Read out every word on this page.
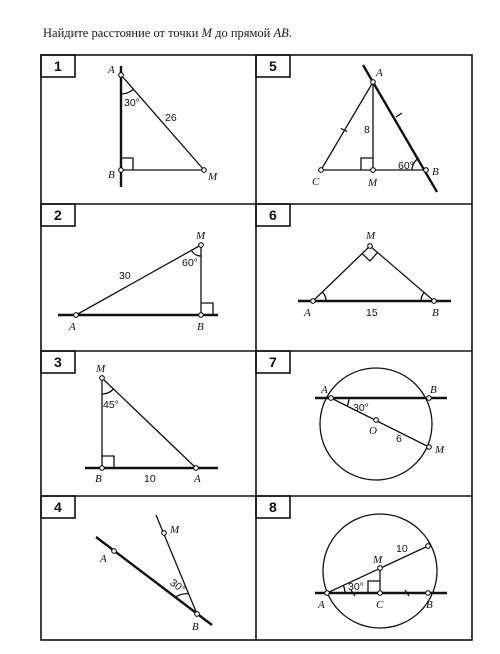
Найдите расстояние от точки M до прямой AB.
1	5
2	6
3	7
4	8
A
B	M
30°
26
A	B
M
60°
30
M
B	A
45°
10
A
M
B
30°
A
C	M
B
8
60°
M
A	B
15
A	B
O
M
30°
6
M
A	C	B
30°
10
